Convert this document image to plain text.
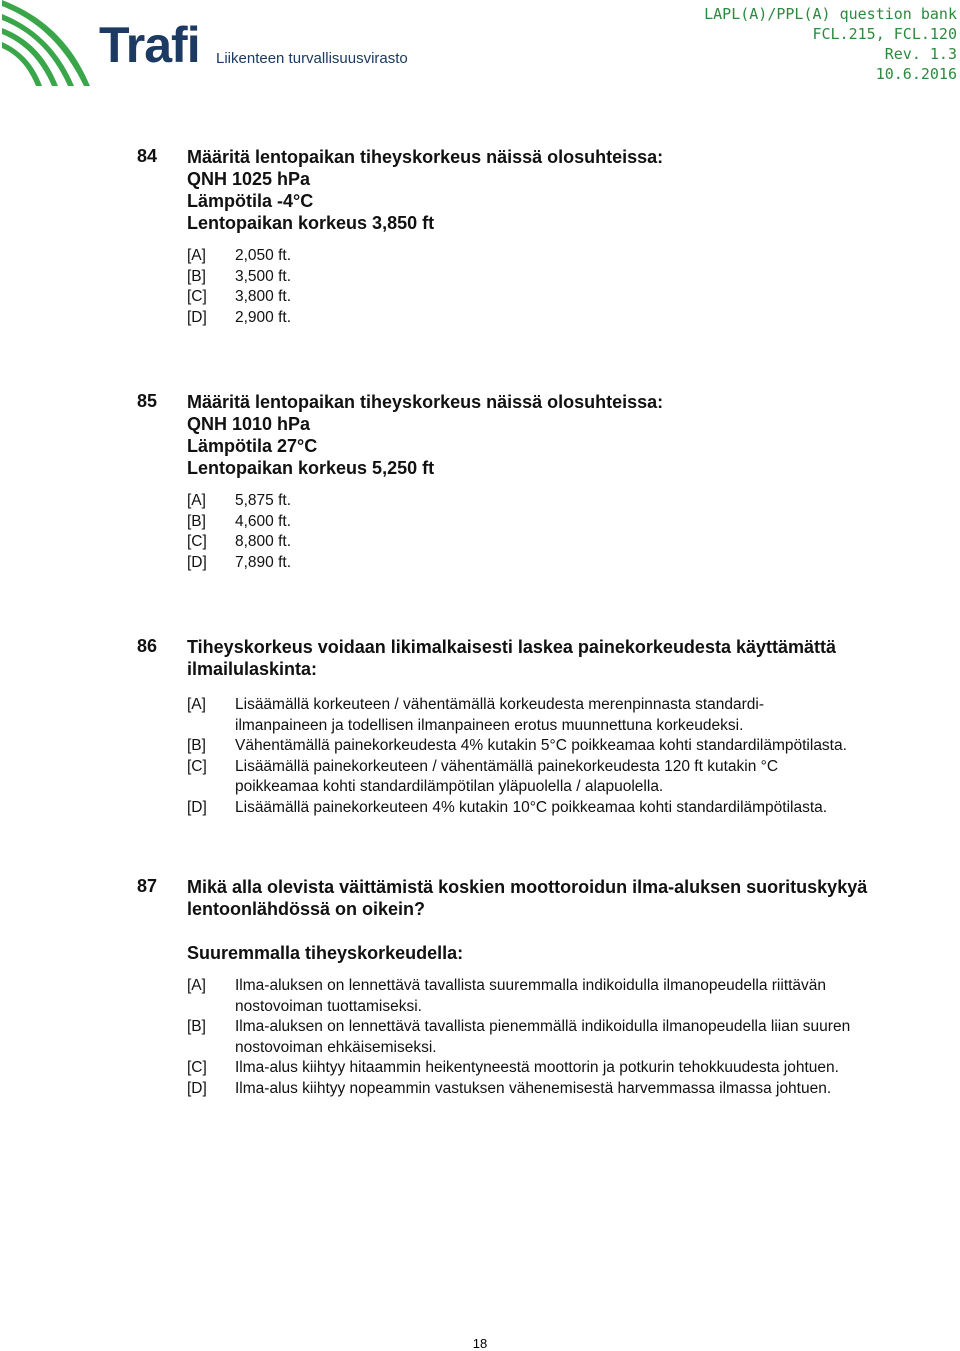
Trafi Liikenteen turvallisuusvirasto
LAPL(A)/PPL(A) question bank
FCL.215, FCL.120
Rev. 1.3
10.6.2016
84 Määritä lentopaikan tiheyskorkeus näissä olosuhteissa:
QNH 1025 hPa
Lämpötila -4°C
Lentopaikan korkeus 3,850 ft
[A]	2,050 ft.
[B]	3,500 ft.
[C]	3,800 ft.
[D]	2,900 ft.
85 Määritä lentopaikan tiheyskorkeus näissä olosuhteissa:
QNH 1010 hPa
Lämpötila 27°C
Lentopaikan korkeus 5,250 ft
[A]	5,875 ft.
[B]	4,600 ft.
[C]	8,800 ft.
[D]	7,890 ft.
86 Tiheyskorkeus voidaan likimalkaisesti laskea painekorkeudesta käyttämättä ilmailulaskinta:
[A]	Lisäämällä korkeuteen / vähentämällä korkeudesta merenpinnasta standardi-ilmanpaineen ja todellisen ilmanpaineen erotus muunnettuna korkeudeksi.
[B]	Vähentämällä painekorkeudesta 4% kutakin 5°C poikkeamaa kohti standardilämpötilasta.
[C]	Lisäämällä painekorkeuteen / vähentämällä painekorkeudesta 120 ft kutakin °C poikkeamaa kohti standardilämpötilan yläpuolella / alapuolella.
[D]	Lisäämällä painekorkeuteen 4% kutakin 10°C poikkeamaa kohti standardilämpötilasta.
87 Mikä alla olevista väittämistä koskien moottoroidun ilma-aluksen suorituskykyä lentoonlähdössä on oikein?
Suuremmalla tiheyskorkeudella:
[A]	Ilma-aluksen on lennettävä tavallista suuremmalla indikoidulla ilmanopeudella riittävän nostovoiman tuottamiseksi.
[B]	Ilma-aluksen on lennettävä tavallista pienemmällä indikoidulla ilmanopeudella liian suuren nostovoiman ehkäisemiseksi.
[C]	Ilma-alus kiihtyy hitaammin heikentyneestä moottorin ja potkurin tehokkuudesta johtuen.
[D]	Ilma-alus kiihtyy nopeammin vastuksen vähenemisestä harvemmassa ilmassa johtuen.
18
